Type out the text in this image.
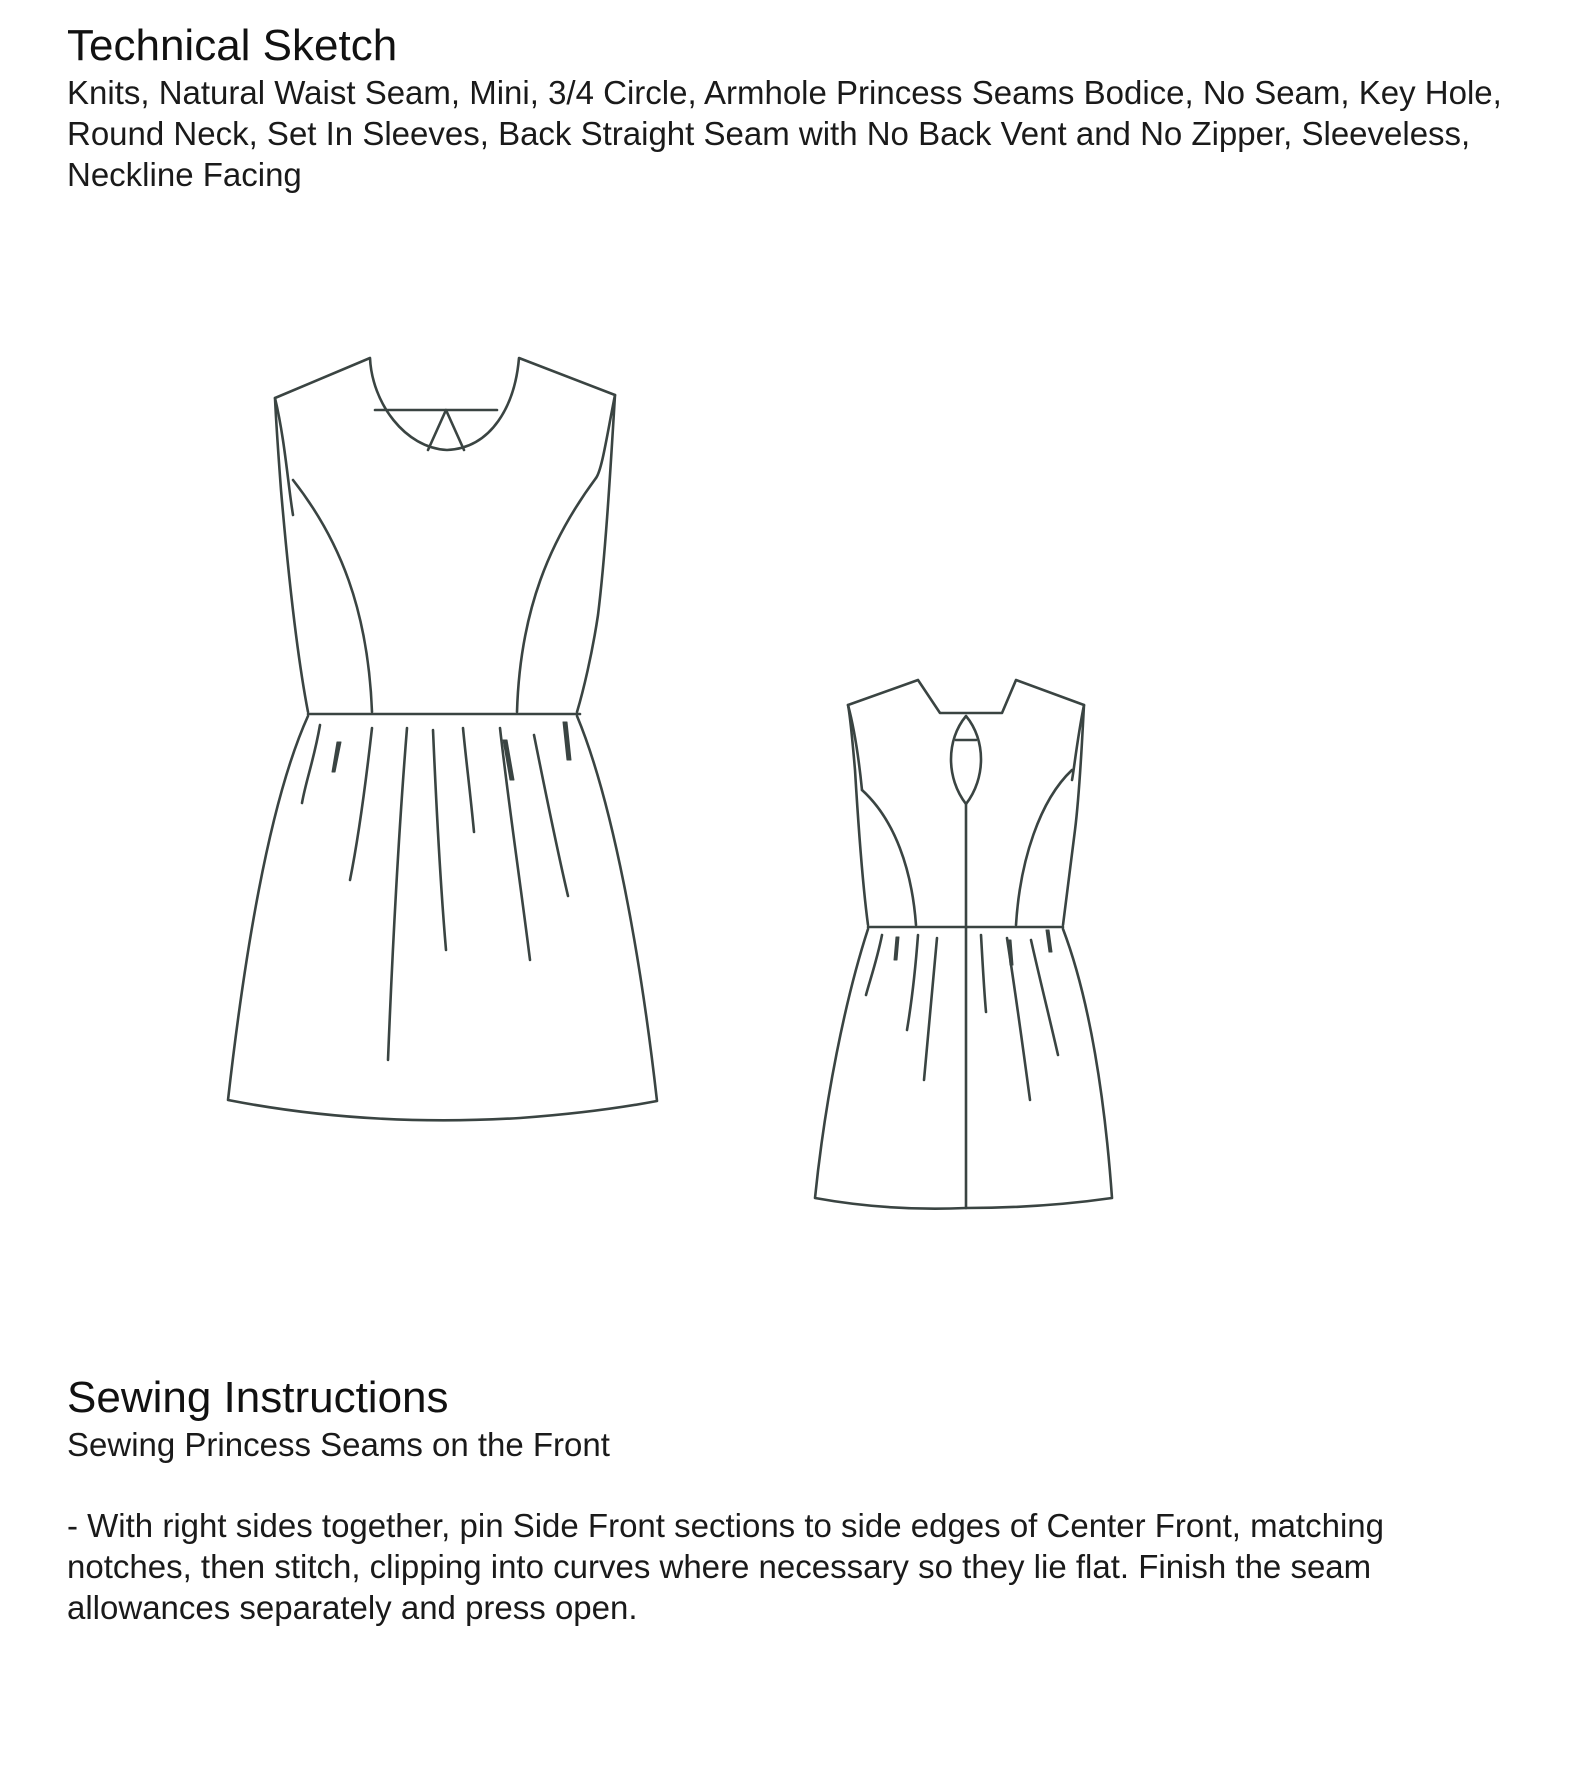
Technical Sketch

Knits, Natural Waist Seam, Mini, 3/4 Circle, Armhole Princess Seams Bodice, No Seam, Key Hole, Round Neck, Set In Sleeves, Back Straight Seam with No Back Vent and No Zipper, Sleeveless, Neckline Facing

Sewing Instructions

Sewing Princess Seams on the Front

- With right sides together, pin Side Front sections to side edges of Center Front, matching notches, then stitch, clipping into curves where necessary so they lie flat. Finish the seam allowances separately and press open.
